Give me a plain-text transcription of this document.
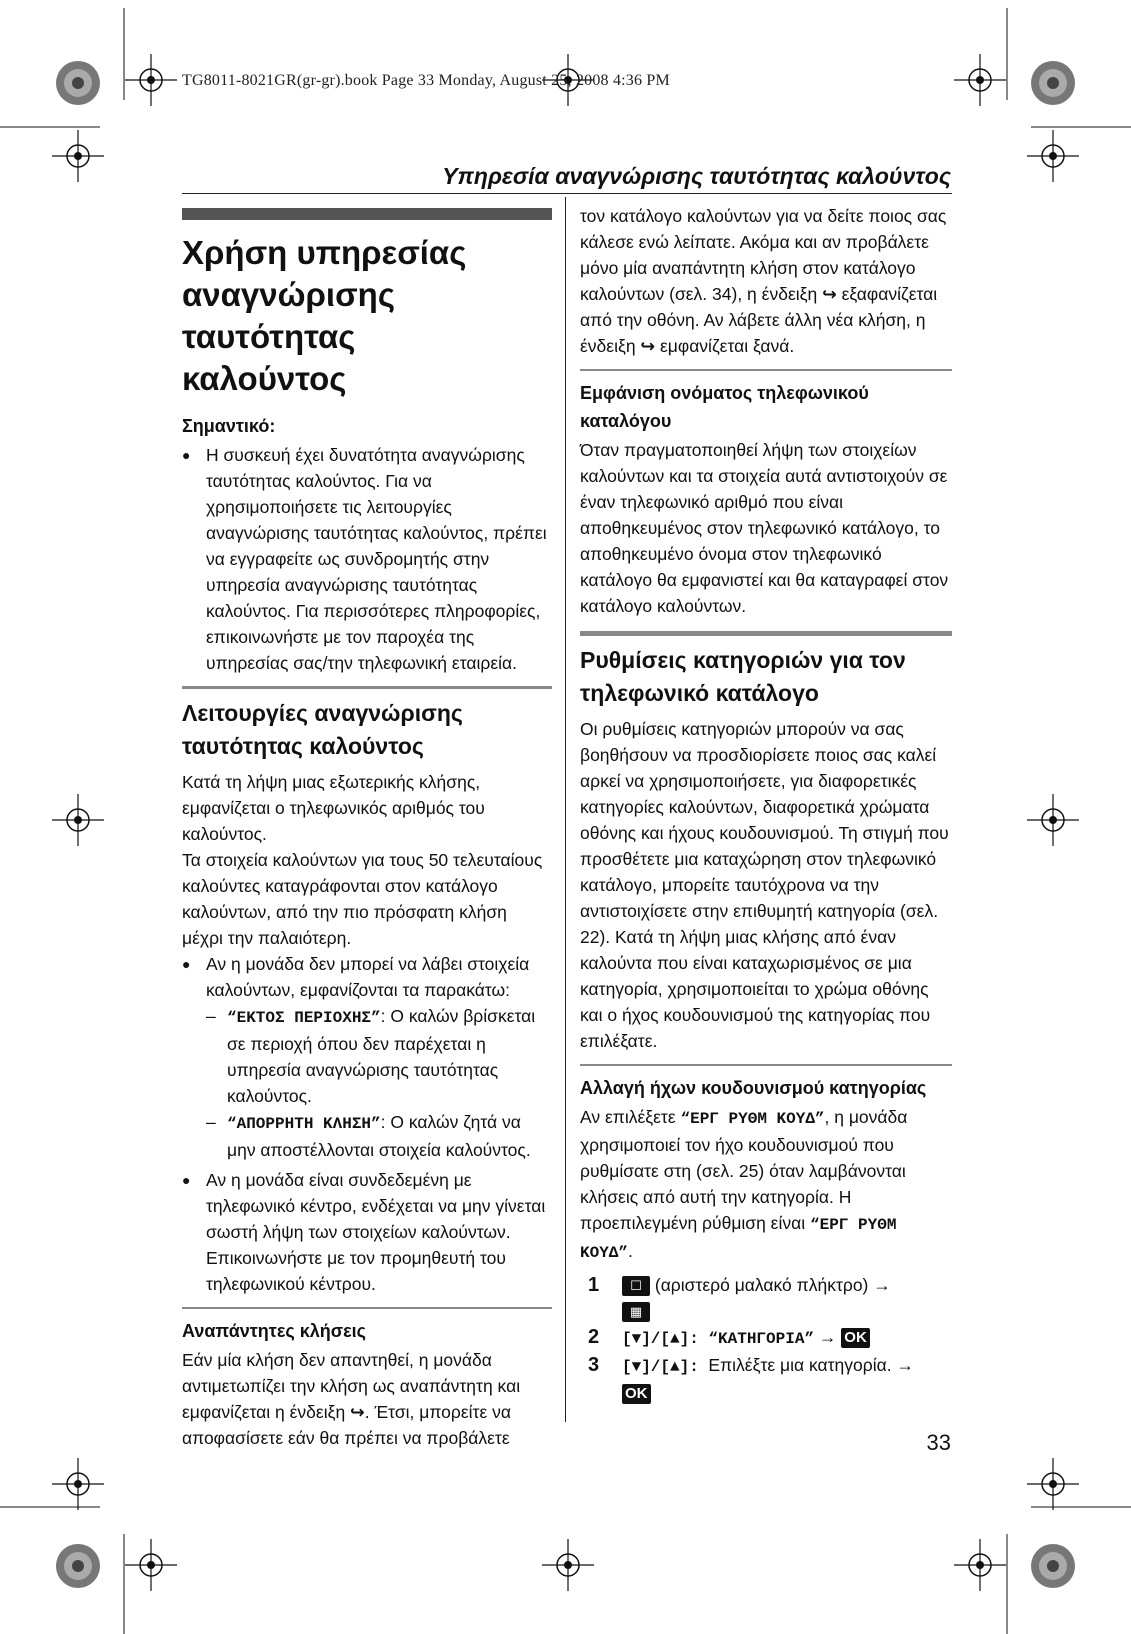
TG8011-8021GR(gr-gr).book Page 33 Monday, August 25, 2008 4:36 PM
Υπηρεσία αναγνώρισης ταυτότητας καλούντος
Χρήση υπηρεσίας
αναγνώρισης ταυτότητας
καλούντος
Σημαντικό:

● Η συσκευή έχει δυνατότητα αναγνώρισης ταυτότητας καλούντος. Για να χρησιμοποιήσετε τις λειτουργίες αναγνώρισης ταυτότητας καλούντος, πρέπει να εγγραφείτε ως συνδρομητής στην υπηρεσία αναγνώρισης ταυτότητας καλούντος. Για περισσότερες πληροφορίες, επικοινωνήστε με τον παροχέα της υπηρεσίας σας/την τηλεφωνική εταιρεία.

Λειτουργίες αναγνώρισης
ταυτότητας καλούντος

Κατά τη λήψη μιας εξωτερικής κλήσης, εμφανίζεται ο τηλεφωνικός αριθμός του καλούντος.

Τα στοιχεία καλούντων για τους 50 τελευταίους καλούντες καταγράφονται στον κατάλογο καλούντων, από την πιο πρόσφατη κλήση μέχρι την παλαιότερη.

● Αν η μονάδα δεν μπορεί να λάβει στοιχεία καλούντων, εμφανίζονται τα παρακάτω:

– “ΕΚΤΟΣ ΠΕΡΙΟΧΗΣ”: Ο καλών βρίσκεται σε περιοχή όπου δεν παρέχεται η υπηρεσία αναγνώρισης ταυτότητας καλούντος.

– “ΑΠΟΡΡΗΤΗ ΚΛΗΣΗ”: Ο καλών ζητά να μην αποστέλλονται στοιχεία καλούντος.

● Αν η μονάδα είναι συνδεδεμένη με τηλεφωνικό κέντρο, ενδέχεται να μην γίνεται σωστή λήψη των στοιχείων καλούντων. Επικοινωνήστε με τον προμηθευτή του τηλεφωνικού κέντρου.

Αναπάντητες κλήσεις

Εάν μία κλήση δεν απαντηθεί, η μονάδα αντιμετωπίζει την κλήση ως αναπάντητη και εμφανίζεται η ένδειξη ↪. Έτσι, μπορείτε να αποφασίσετε εάν θα πρέπει να προβάλετε

τον κατάλογο καλούντων για να δείτε ποιος σας κάλεσε ενώ λείπατε. Ακόμα και αν προβάλετε μόνο μία αναπάντητη κλήση στον κατάλογο καλούντων (σελ. 34), η ένδειξη ↪ εξαφανίζεται από την οθόνη. Αν λάβετε άλλη νέα κλήση, η ένδειξη ↪ εμφανίζεται ξανά.

Εμφάνιση ονόματος τηλεφωνικού
καταλόγου

Όταν πραγματοποιηθεί λήψη των στοιχείων καλούντων και τα στοιχεία αυτά αντιστοιχούν σε έναν τηλεφωνικό αριθμό που είναι αποθηκευμένος στον τηλεφωνικό κατάλογο, το αποθηκευμένο όνομα στον τηλεφωνικό κατάλογο θα εμφανιστεί και θα καταγραφεί στον κατάλογο καλούντων.

Ρυθμίσεις κατηγοριών για τον
τηλεφωνικό κατάλογο

Οι ρυθμίσεις κατηγοριών μπορούν να σας βοηθήσουν να προσδιορίσετε ποιος σας καλεί αρκεί να χρησιμοποιήσετε, για διαφορετικές κατηγορίες καλούντων, διαφορετικά χρώματα οθόνης και ήχους κουδουνισμού. Τη στιγμή που προσθέτετε μια καταχώρηση στον τηλεφωνικό κατάλογο, μπορείτε ταυτόχρονα να την αντιστοιχίσετε στην επιθυμητή κατηγορία (σελ. 22). Κατά τη λήψη μιας κλήσης από έναν καλούντα που είναι καταχωρισμένος σε μια κατηγορία, χρησιμοποιείται το χρώμα οθόνης και ο ήχος κουδουνισμού της κατηγορίας που επιλέξατε.

Αλλαγή ήχων κουδουνισμού κατηγορίας

Αν επιλέξετε “ΕΡΓ ΡΥΘΜ ΚΟΥΔ”, η μονάδα χρησιμοποιεί τον ήχο κουδουνισμού που ρυθμίσατε στη (σελ. 25) όταν λαμβάνονται κλήσεις από αυτή την κατηγορία. Η προεπιλεγμένη ρύθμιση είναι “ΕΡΓ ΡΥΘΜ ΚΟΥΔ”.

1 ☐ (αριστερό μαλακό πλήκτρο) →
▦

2 [▼]/[▲]: “ΚΑΤΗΓΟΡΙΑ” → OK

3 [▼]/[▲]: Επιλέξτε μια κατηγορία. →
OK

33
